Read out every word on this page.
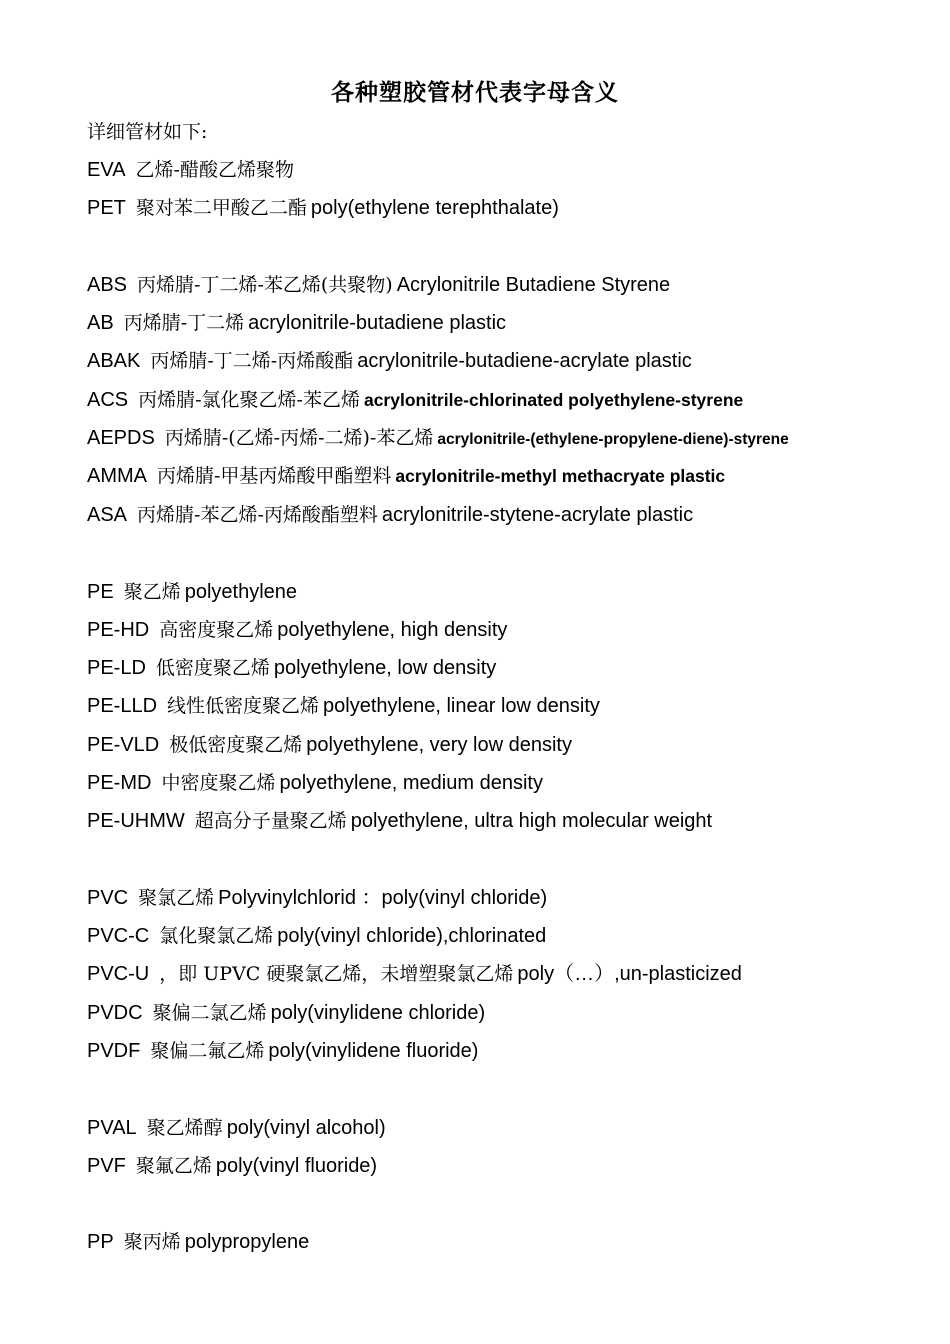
各种塑胶管材代表字母含义
详细管材如下:
EVA 乙烯-醋酸乙烯聚物
PET 聚对苯二甲酸乙二酯 poly(ethylene terephthalate)
ABS 丙烯腈-丁二烯-苯乙烯(共聚物) Acrylonitrile Butadiene Styrene
AB 丙烯腈-丁二烯 acrylonitrile-butadiene plastic
ABAK 丙烯腈-丁二烯-丙烯酸酯 acrylonitrile-butadiene-acrylate plastic
ACS 丙烯腈-氯化聚乙烯-苯乙烯 acrylonitrile-chlorinated polyethylene-styrene
AEPDS 丙烯腈-(乙烯-丙烯-二烯)-苯乙烯 acrylonitrile-(ethylene-propylene-diene)-styrene
AMMA 丙烯腈-甲基丙烯酸甲酯塑料 acrylonitrile-methyl methacryate plastic
ASA 丙烯腈-苯乙烯-丙烯酸酯塑料 acrylonitrile-stytene-acrylate plastic
PE 聚乙烯 polyethylene
PE-HD 高密度聚乙烯 polyethylene, high density
PE-LD 低密度聚乙烯 polyethylene, low density
PE-LLD 线性低密度聚乙烯 polyethylene, linear low density
PE-VLD 极低密度聚乙烯 polyethylene, very low density
PE-MD 中密度聚乙烯 polyethylene, medium density
PE-UHMW 超高分子量聚乙烯 polyethylene, ultra high molecular weight
PVC 聚氯乙烯 Polyvinylchlorid ：poly(vinyl chloride)
PVC-C 氯化聚氯乙烯 poly(vinyl chloride),chlorinated
PVC-U ，即 UPVC 硬聚氯乙烯，未增塑聚氯乙烯 poly（…）,un-plasticized
PVDC 聚偏二氯乙烯 poly(vinylidene chloride)
PVDF 聚偏二氟乙烯 poly(vinylidene fluoride)
PVAL 聚乙烯醇 poly(vinyl alcohol)
PVF 聚氟乙烯 poly(vinyl fluoride)
PP 聚丙烯 polypropylene
